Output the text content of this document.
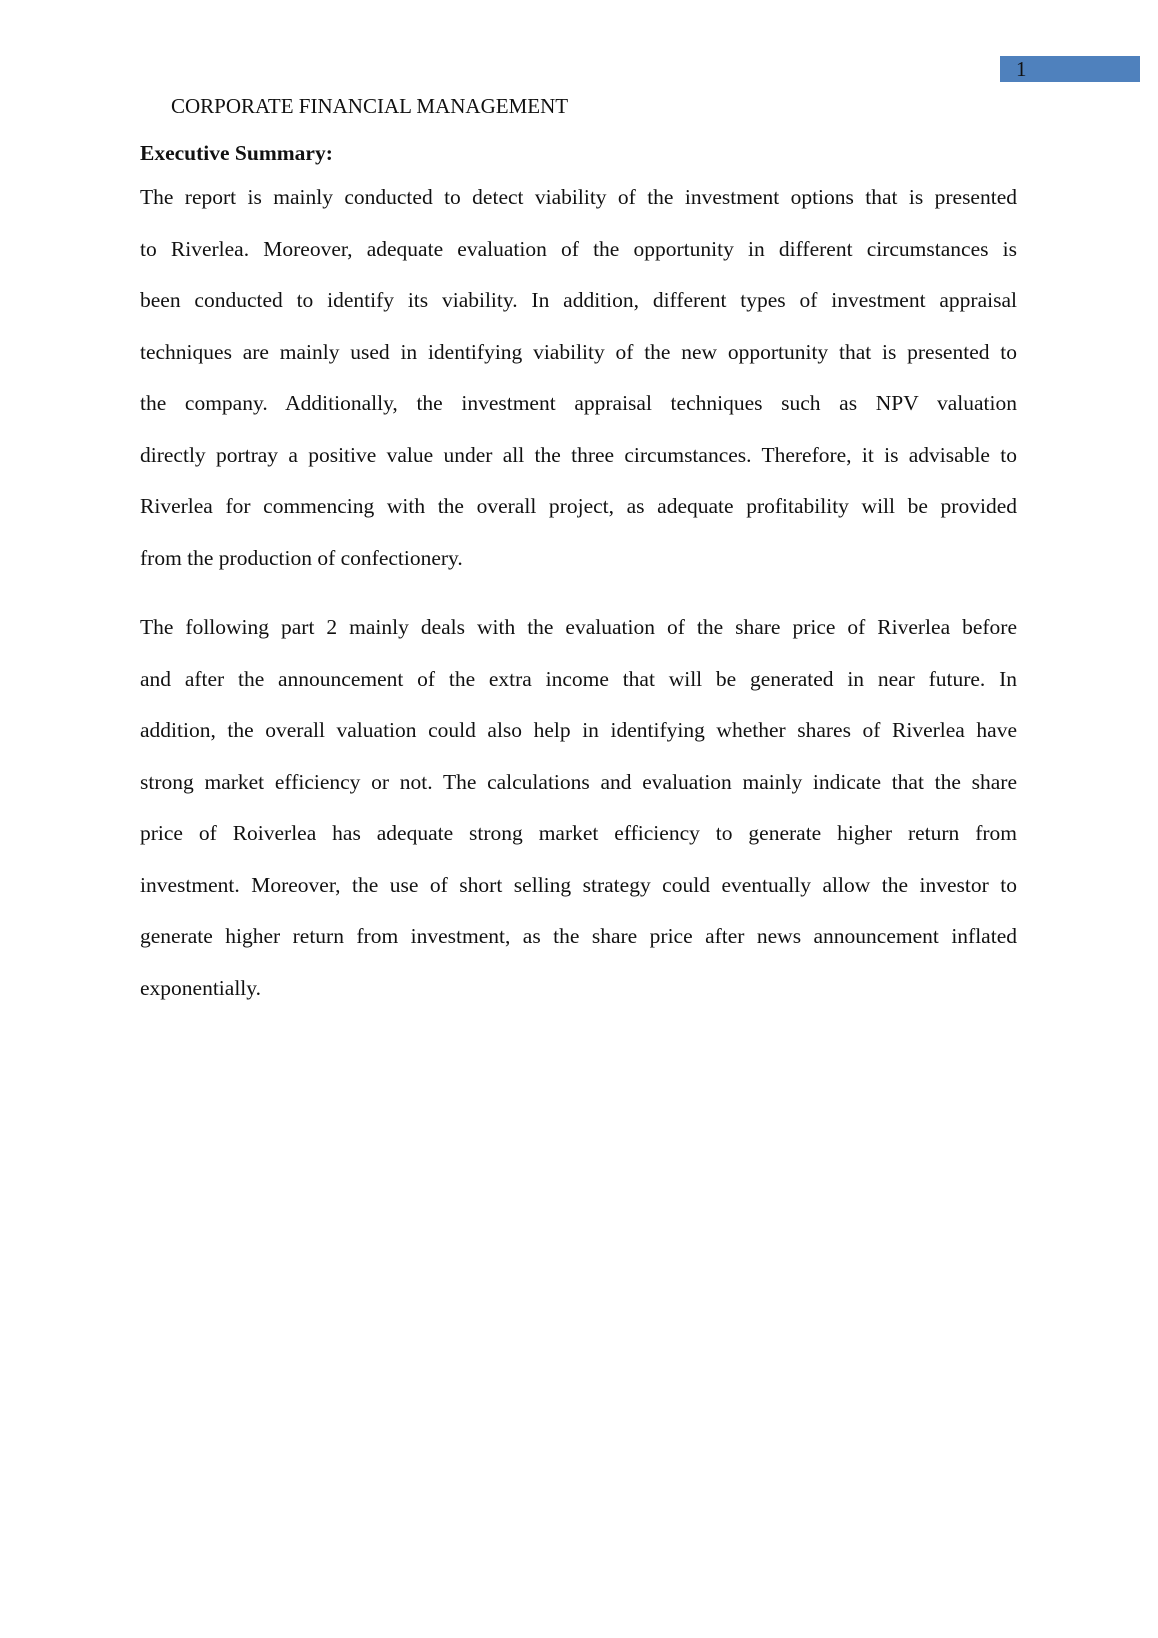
1
CORPORATE FINANCIAL MANAGEMENT
Executive Summary:
The report is mainly conducted to detect viability of the investment options that is presented
to Riverlea. Moreover, adequate evaluation of the opportunity in different circumstances is
been conducted to identify its viability. In addition, different types of investment appraisal
techniques are mainly used in identifying viability of the new opportunity that is presented to
the company. Additionally, the investment appraisal techniques such as NPV valuation
directly portray a positive value under all the three circumstances. Therefore, it is advisable to
Riverlea for commencing with the overall project, as adequate profitability will be provided
from the production of confectionery.
The following part 2 mainly deals with the evaluation of the share price of Riverlea before
and after the announcement of the extra income that will be generated in near future. In
addition, the overall valuation could also help in identifying whether shares of Riverlea have
strong market efficiency or not. The calculations and evaluation mainly indicate that the share
price of Roiverlea has adequate strong market efficiency to generate higher return from
investment. Moreover, the use of short selling strategy could eventually allow the investor to
generate higher return from investment, as the share price after news announcement inflated
exponentially.
